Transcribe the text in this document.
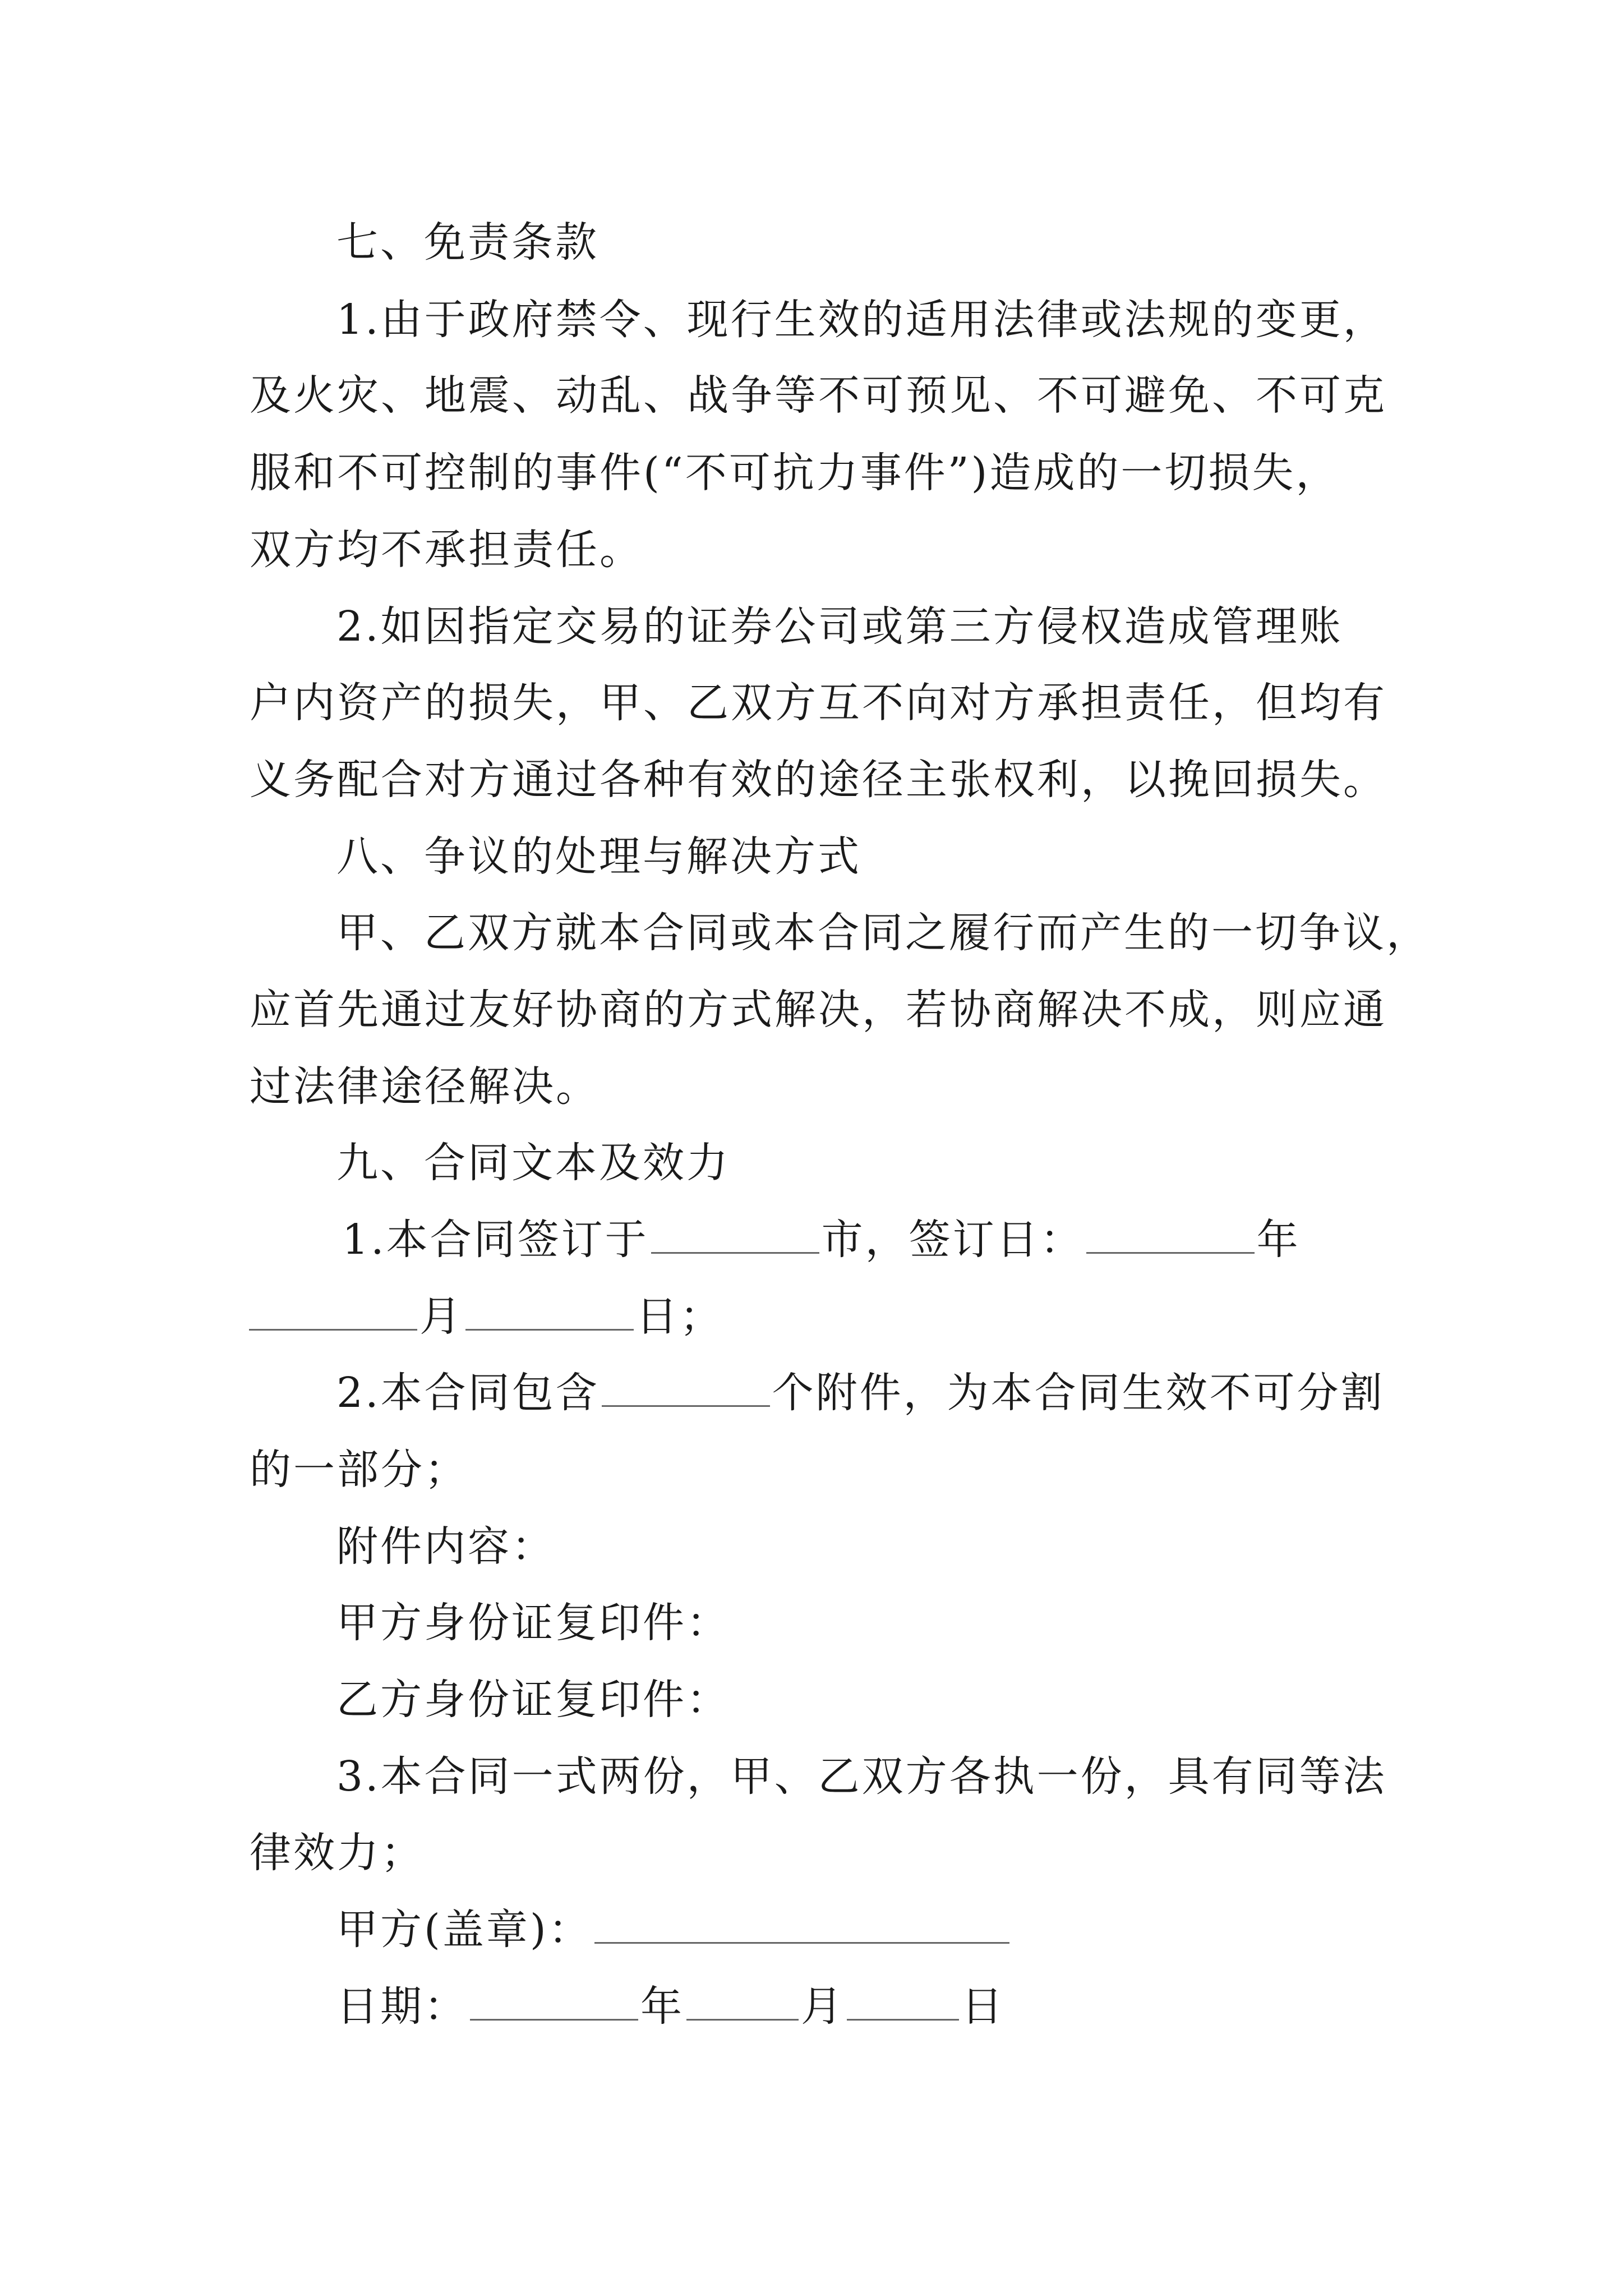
七、免责条款
1.由于政府禁令、现行生效的适用法律或法规的变更，
及火灾、地震、动乱、战争等不可预见、不可避免、不可克
服和不可控制的事件(“不可抗力事件”)造成的一切损失，
双方均不承担责任。
2.如因指定交易的证券公司或第三方侵权造成管理账
户内资产的损失，甲、乙双方互不向对方承担责任，但均有
义务配合对方通过各种有效的途径主张权利，以挽回损失。
八、争议的处理与解决方式
甲、乙双方就本合同或本合同之履行而产生的一切争议，
应首先通过友好协商的方式解决，若协商解决不成，则应通
过法律途径解决。
九、合同文本及效力
1.本合同签订于	市，签订日：	年
月	日；
2.本合同包含	个附件，为本合同生效不可分割
的一部分；
附件内容：
甲方身份证复印件：
乙方身份证复印件：
3.本合同一式两份，甲、乙双方各执一份，具有同等法
律效力；
甲方(盖章)：
日期：	年	月	日
